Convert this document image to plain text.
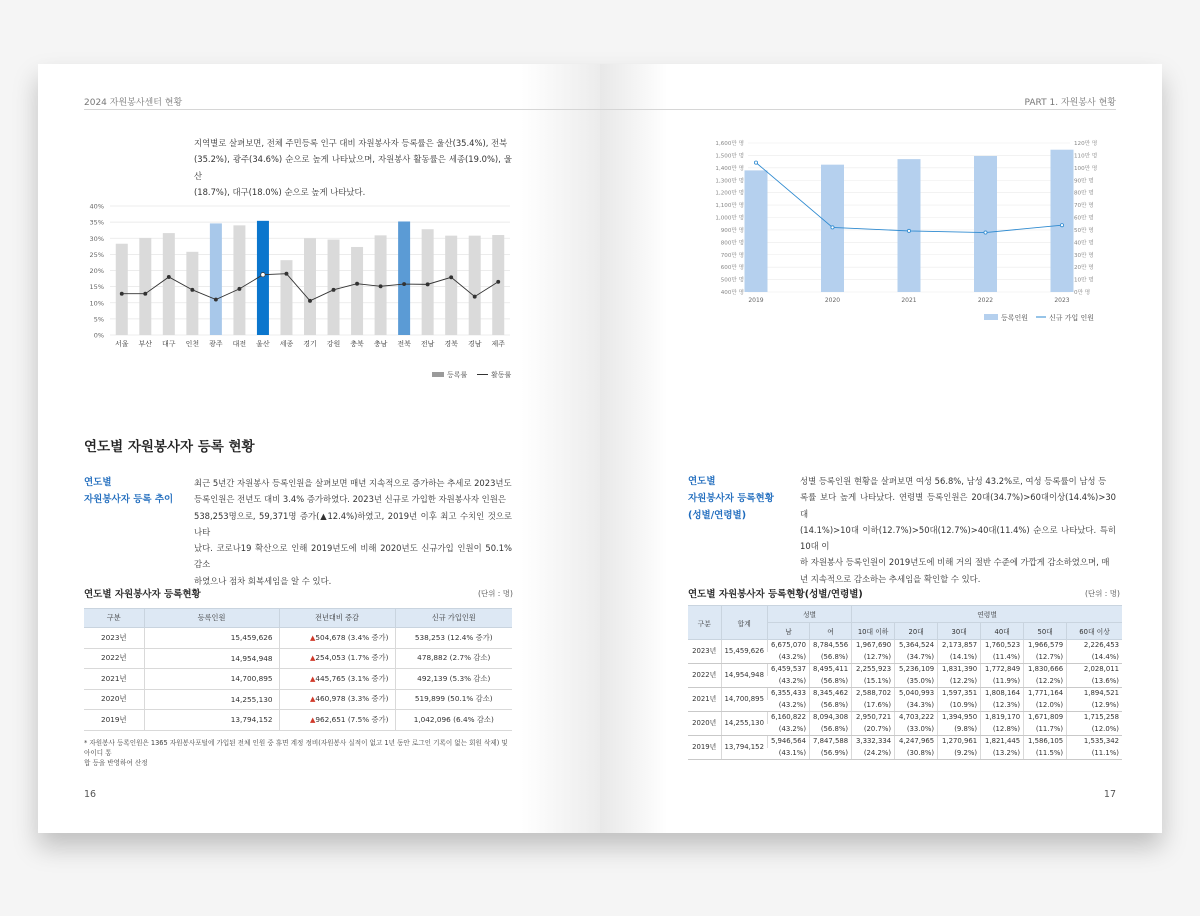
2024 자원봉사센터 현황
지역별로 살펴보면, 전체 주민등록 인구 대비 자원봉사자 등록률은 울산(35.4%), 전북
(35.2%), 광주(34.6%) 순으로 높게 나타났으며, 자원봉사 활동률은 세종(19.0%), 울산
(18.7%), 대구(18.0%) 순으로 높게 나타났다.
0%
5%
10%
15%
20%
25%
30%
35%
40%
서울 부산 대구 인천 광주 대전 울산 세종 경기 강원 충북 충남 전북 전남 경북 경남 제주
등록률	활동률
연도별 자원봉사자 등록 현황
연도별
자원봉사자 등록 추이
최근 5년간 자원봉사 등록인원을 살펴보면 매년 지속적으로 증가하는 추세로 2023년도
등록인원은 전년도 대비 3.4% 증가하였다. 2023년 신규로 가입한 자원봉사자 인원은
538,253명으로, 59,371명 증가(▲12.4%)하였고, 2019년 이후 최고 수치인 것으로 나타
났다. 코로나19 확산으로 인해 2019년도에 비해 2020년도 신규가입 인원이 50.1% 감소
하였으나 점차 회복세임을 알 수 있다.
연도별 자원봉사자 등록현황	(단위 : 명)
구분	등록인원	전년대비 증감	신규 가입인원
2023년	15,459,626	▲504,678 (3.4% 증가)	538,253 (12.4% 증가)
2022년	14,954,948	▲254,053 (1.7% 증가)	478,882 (2.7% 감소)
2021년	14,700,895	▲445,765 (3.1% 증가)	492,139 (5.3% 감소)
2020년	14,255,130	▲460,978 (3.3% 증가)	519,899 (50.1% 감소)
2019년	13,794,152	▲962,651 (7.5% 증가)	1,042,096 (6.4% 감소)
* 자원봉사 등록인원은 1365 자원봉사포털에 가입된 전체 인원 중 휴면 계정 정비(자원봉사 실적이 없고 1년 동안 로그인 기록이 없는 회원 삭제) 및 아이디 통
합 등을 반영하여 산정
16
PART 1. 자원봉사 현황
400만 명
500만 명
600만 명
700만 명
800만 명
900만 명
1,000만 명
1,100만 명
1,200만 명
1,300만 명
1,400만 명
1,500만 명
1,600만 명
0만 명
10만 명
20만 명
30만 명
40만 명
50만 명
60만 명
70만 명
80만 명
90만 명
100만 명
110만 명
120만 명
2019	2020	2021	2022	2023
등록인원	신규 가입 인원
연도별
자원봉사자 등록현황
(성별/연령별)
성별 등록인원 현황을 살펴보면 여성 56.8%, 남성 43.2%로, 여성 등록률이 남성 등
록률 보다 높게 나타났다. 연령별 등록인원은 20대(34.7%)>60대이상(14.4%)>30대
(14.1%)>10대 이하(12.7%)>50대(12.7%)>40대(11.4%) 순으로 나타났다. 특히 10대 이
하 자원봉사 등록인원이 2019년도에 비해 거의 절반 수준에 가깝게 감소하였으며, 매
년 지속적으로 감소하는 추세임을 확인할 수 있다.
연도별 자원봉사자 등록현황(성별/연령별)	(단위 : 명)
구분	합계	성별		연령별					
		남	여	10대 이하	20대	30대	40대	50대	60대 이상
2023년	15,459,626	6,675,070	8,784,556	1,967,690	5,364,524	2,173,857	1,760,523	1,966,579	2,226,453
		(43.2%)	(56.8%)	(12.7%)	(34.7%)	(14.1%)	(11.4%)	(12.7%)	(14.4%)
2022년	14,954,948	6,459,537	8,495,411	2,255,923	5,236,109	1,831,390	1,772,849	1,830,666	2,028,011
		(43.2%)	(56.8%)	(15.1%)	(35.0%)	(12.2%)	(11.9%)	(12.2%)	(13.6%)
2021년	14,700,895	6,355,433	8,345,462	2,588,702	5,040,993	1,597,351	1,808,164	1,771,164	1,894,521
		(43.2%)	(56.8%)	(17.6%)	(34.3%)	(10.9%)	(12.3%)	(12.0%)	(12.9%)
2020년	14,255,130	6,160,822	8,094,308	2,950,721	4,703,222	1,394,950	1,819,170	1,671,809	1,715,258
		(43.2%)	(56.8%)	(20.7%)	(33.0%)	(9.8%)	(12.8%)	(11.7%)	(12.0%)
2019년	13,794,152	5,946,564	7,847,588	3,332,334	4,247,965	1,270,961	1,821,445	1,586,105	1,535,342
		(43.1%)	(56.9%)	(24.2%)	(30.8%)	(9.2%)	(13.2%)	(11.5%)	(11.1%)
17
